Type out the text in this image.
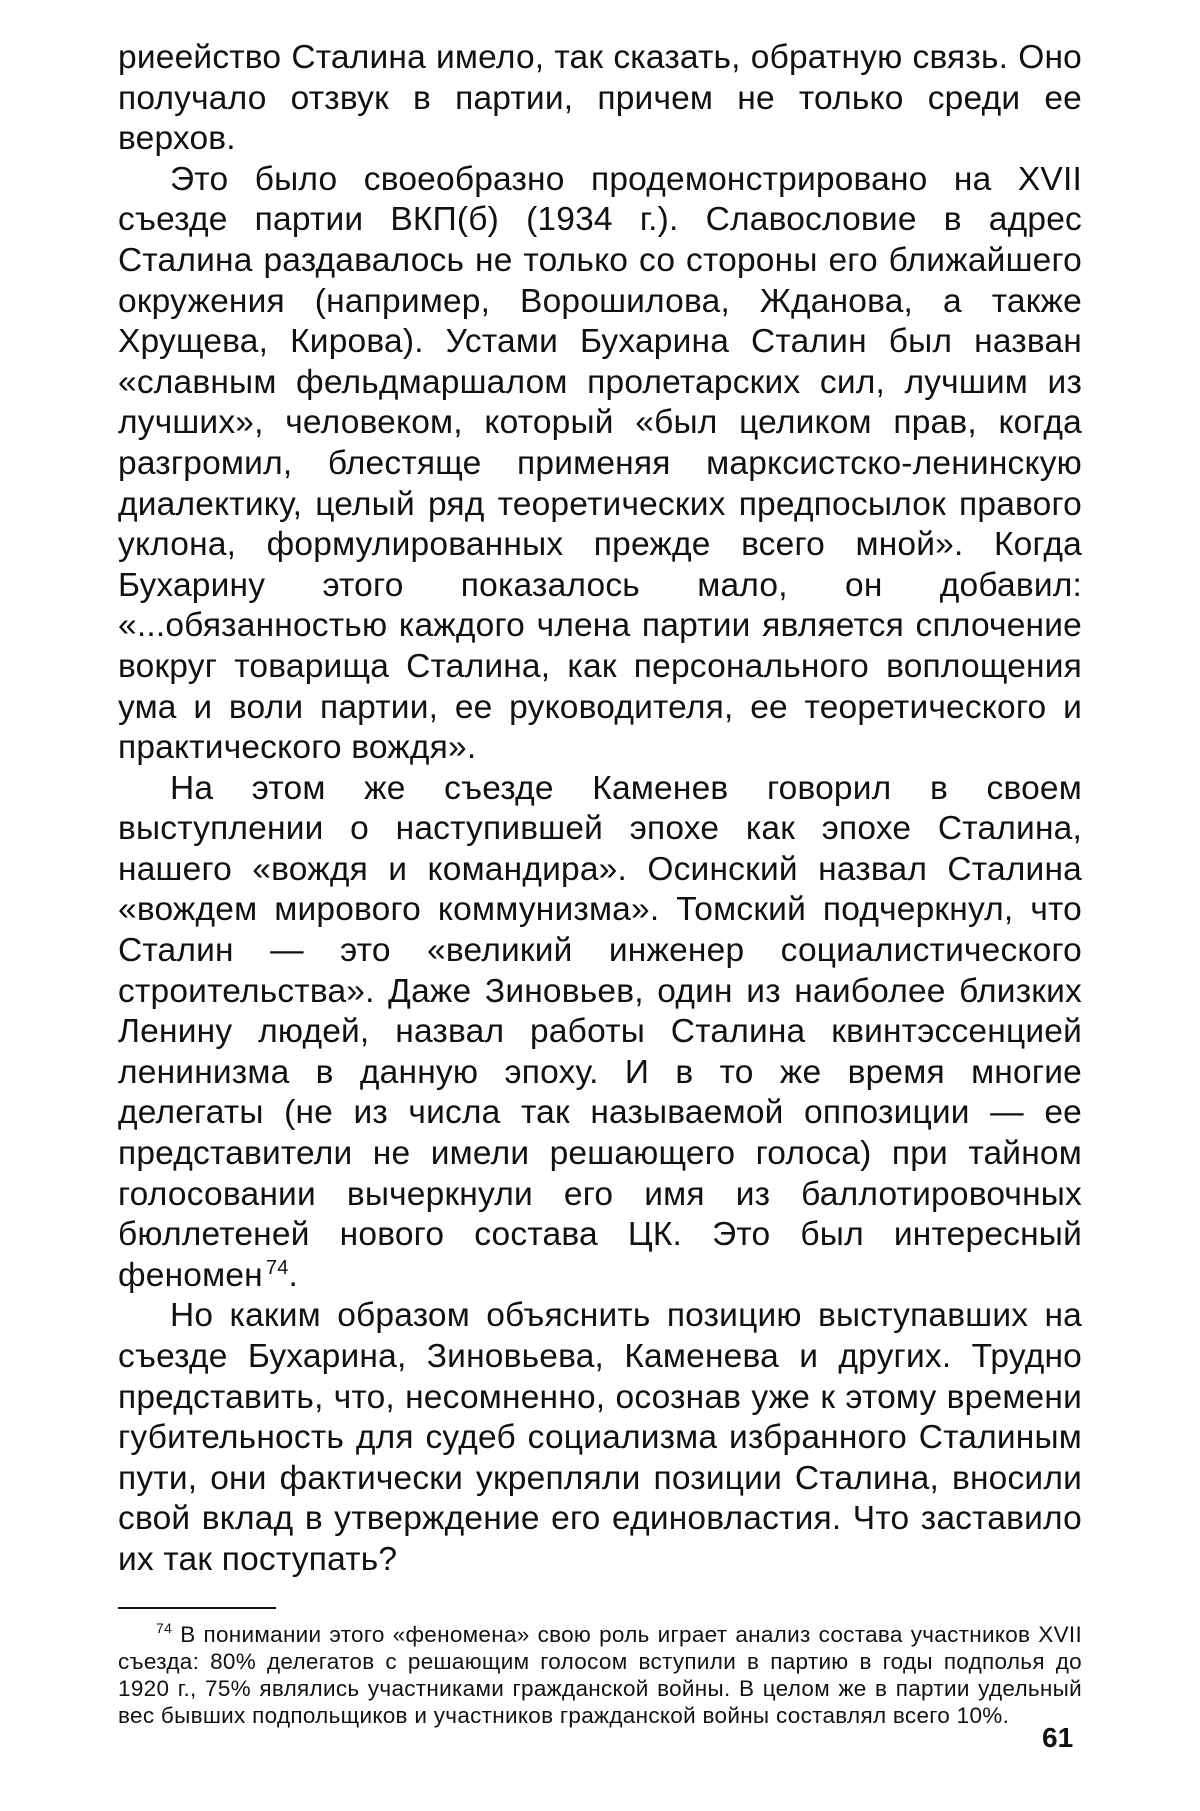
риеейство Сталина имело, так сказать, обратную связь. Оно получало отзвук в партии, причем не только среди ее верхов.

Это было своеобразно продемонстрировано на XVII съезде партии ВКП(б) (1934 г.). Славословие в адрес Сталина раздавалось не только со стороны его ближайшего окружения (например, Ворошилова, Жданова, а также Хрущева, Кирова). Устами Бухарина Сталин был назван «славным фельдмаршалом пролетарских сил, лучшим из лучших», человеком, который «был целиком прав, когда разгромил, блестяще применяя марксистско-ленинскую диалектику, целый ряд теоретических предпосылок правого уклона, формулированных прежде всего мной». Когда Бухарину этого показалось мало, он добавил: «...обязанностью каждого члена партии является сплочение вокруг товарища Сталина, как персонального воплощения ума и воли партии, ее руководителя, ее теоретического и практического вождя».

На этом же съезде Каменев говорил в своем выступлении о наступившей эпохе как эпохе Сталина, нашего «вождя и командира». Осинский назвал Сталина «вождем мирового коммунизма». Томский подчеркнул, что Сталин — это «великий инженер социалистического строительства». Даже Зиновьев, один из наиболее близких Ленину людей, назвал работы Сталина квинтэссенцией ленинизма в данную эпоху. И в то же время многие делегаты (не из числа так называемой оппозиции — ее представители не имели решающего голоса) при тайном голосовании вычеркнули его имя из баллотировочных бюллетеней нового состава ЦК. Это был интересный феномен  $^{74}$.

Но каким образом объяснить позицию выступавших на съезде Бухарина, Зиновьева, Каменева и других. Трудно представить, что, несомненно, осознав уже к этому времени губительность для судеб социализма избранного Сталиным пути, они фактически укрепляли позиции Сталина, вносили свой вклад в утверждение его единовластия. Что заставило их так поступать?

$^{74}$ В понимании этого «феномена» свою роль играет анализ состава участников XVII съезда: 80% делегатов с решающим голосом вступили в партию в годы подполья до 1920 г., 75% являлись участниками гражданской войны. В целом же в партии удельный вес бывших подпольщиков и участников гражданской войны составлял всего 10%.

61
